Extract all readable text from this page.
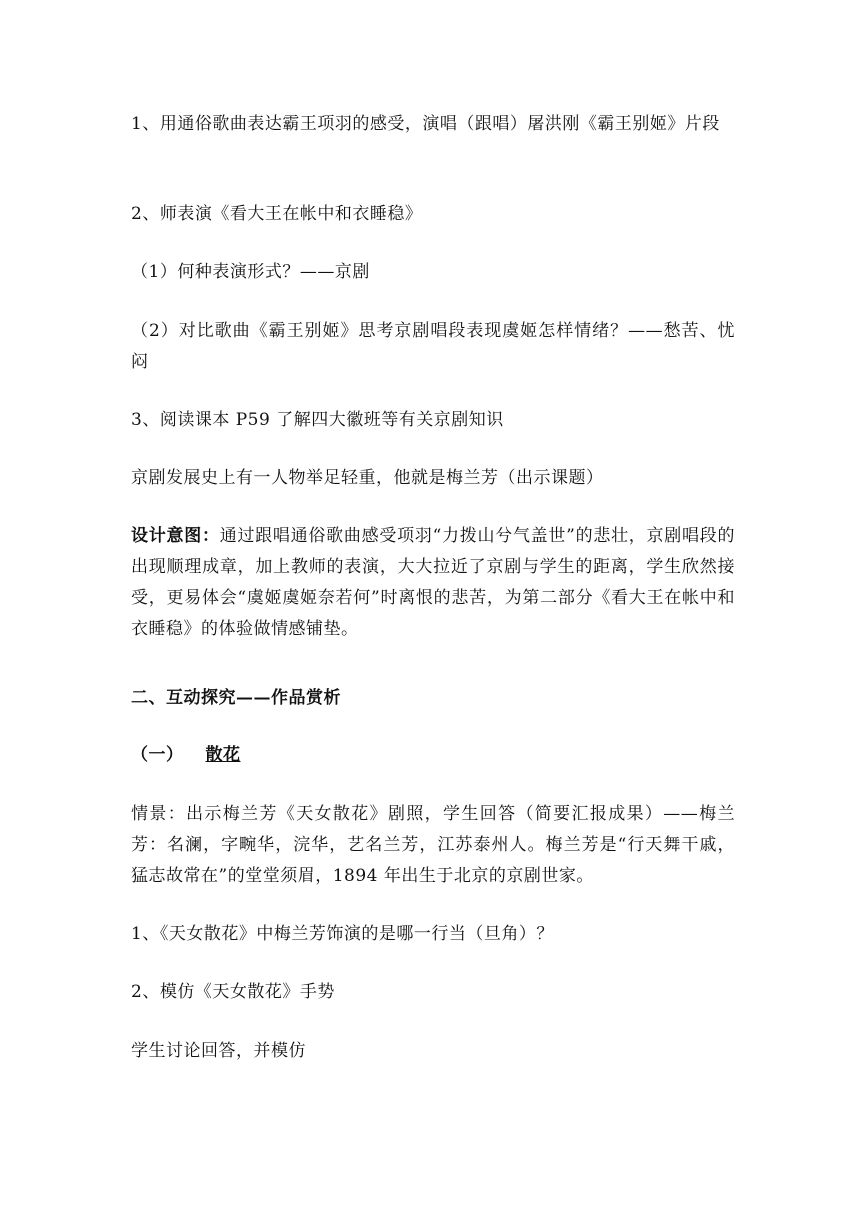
1、用通俗歌曲表达霸王项羽的感受，演唱（跟唱）屠洪刚《霸王别姬》片段

2、师表演《看大王在帐中和衣睡稳》

（1）何种表演形式？——京剧

（2）对比歌曲《霸王别姬》思考京剧唱段表现虞姬怎样情绪？——愁苦、忧闷

3、阅读课本 P59 了解四大徽班等有关京剧知识

京剧发展史上有一人物举足轻重，他就是梅兰芳（出示课题）

设计意图：通过跟唱通俗歌曲感受项羽“力拨山兮气盖世”的悲壮，京剧唱段的出现顺理成章，加上教师的表演，大大拉近了京剧与学生的距离，学生欣然接受，更易体会“虞姬虞姬奈若何”时离恨的悲苦，为第二部分《看大王在帐中和衣睡稳》的体验做情感铺垫。

二、互动探究——作品赏析

（一） 散花

情景：出示梅兰芳《天女散花》剧照，学生回答（简要汇报成果）——梅兰芳：名澜，字畹华，浣华，艺名兰芳，江苏泰州人。梅兰芳是“行天舞干戚，猛志故常在”的堂堂须眉，1894 年出生于北京的京剧世家。

1、《天女散花》中梅兰芳饰演的是哪一行当（旦角）？

2、模仿《天女散花》手势

学生讨论回答，并模仿
